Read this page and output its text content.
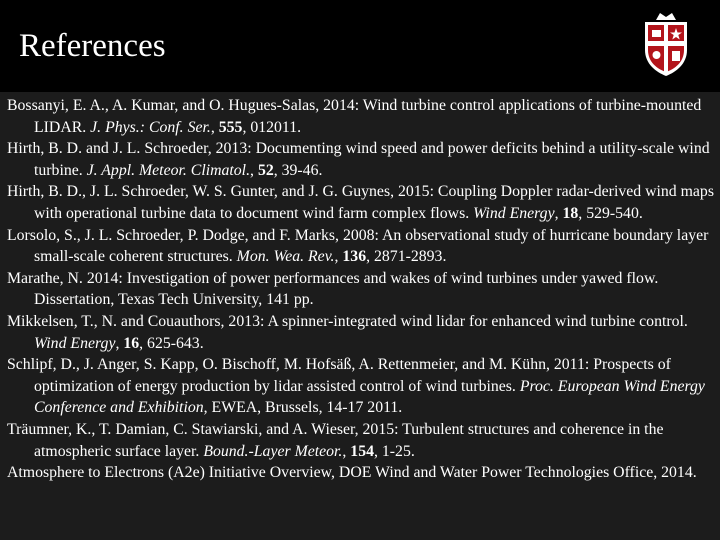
References

Bossanyi, E. A., A. Kumar, and O. Hugues-Salas, 2014: Wind turbine control applications of turbine-mounted LIDAR. J. Phys.: Conf. Ser., 555, 012011.

Hirth, B. D. and J. L. Schroeder, 2013: Documenting wind speed and power deficits behind a utility-scale wind turbine. J. Appl. Meteor. Climatol., 52, 39-46.

Hirth, B. D., J. L. Schroeder, W. S. Gunter, and J. G. Guynes, 2015: Coupling Doppler radar-derived wind maps with operational turbine data to document wind farm complex flows. Wind Energy, 18, 529-540.

Lorsolo, S., J. L. Schroeder, P. Dodge, and F. Marks, 2008: An observational study of hurricane boundary layer small-scale coherent structures. Mon. Wea. Rev., 136, 2871-2893.

Marathe, N. 2014: Investigation of power performances and wakes of wind turbines under yawed flow. Dissertation, Texas Tech University, 141 pp.

Mikkelsen, T., N. and Couauthors, 2013: A spinner-integrated wind lidar for enhanced wind turbine control. Wind Energy, 16, 625-643.

Schlipf, D., J. Anger, S. Kapp, O. Bischoff, M. Hofsäß, A. Rettenmeier, and M. Kühn, 2011: Prospects of optimization of energy production by lidar assisted control of wind turbines. Proc. European Wind Energy Conference and Exhibition, EWEA, Brussels, 14-17 2011.

Träumner, K., T. Damian, C. Stawiarski, and A. Wieser, 2015: Turbulent structures and coherence in the atmospheric surface layer. Bound.-Layer Meteor., 154, 1-25.

Atmosphere to Electrons (A2e) Initiative Overview, DOE Wind and Water Power Technologies Office, 2014.
